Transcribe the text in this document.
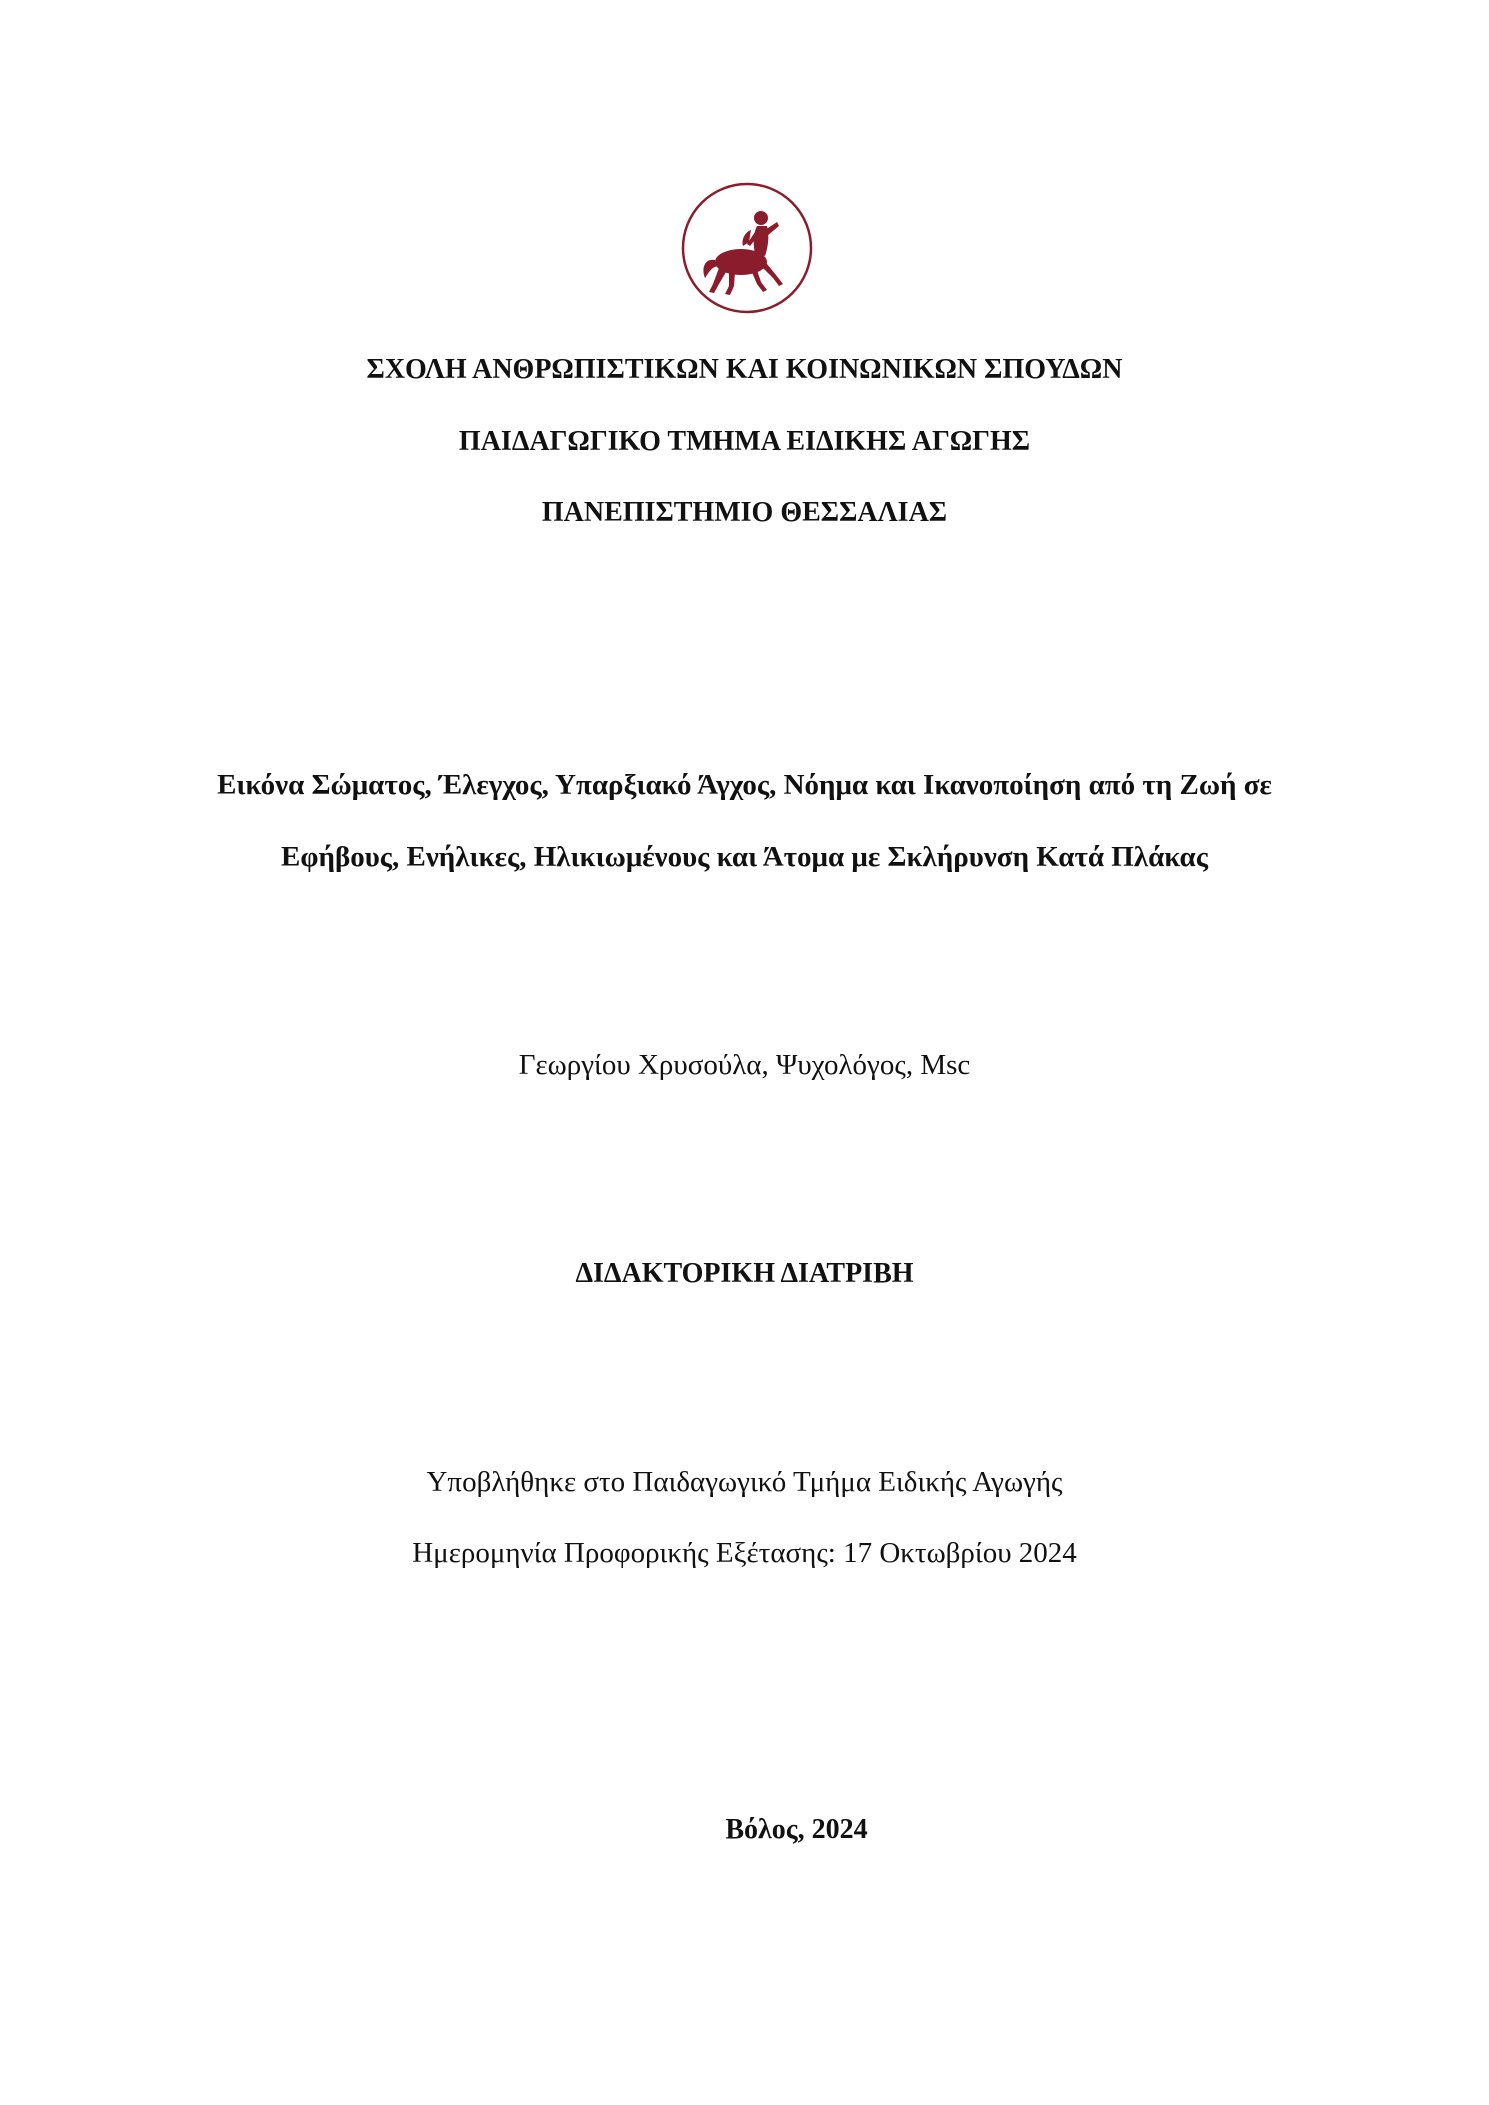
ΣΧΟΛΗ ΑΝΘΡΩΠΙΣΤΙΚΩΝ ΚΑΙ ΚΟΙΝΩΝΙΚΩΝ ΣΠΟΥΔΩΝ
ΠΑΙΔΑΓΩΓΙΚΟ ΤΜΗΜΑ ΕΙΔΙΚΗΣ ΑΓΩΓΗΣ
ΠΑΝΕΠΙΣΤΗΜΙΟ ΘΕΣΣΑΛΙΑΣ
Εικόνα Σώματος, Έλεγχος, Υπαρξιακό Άγχος, Νόημα και Ικανοποίηση από τη Ζωή σε
Εφήβους, Ενήλικες, Ηλικιωμένους και Άτομα με Σκλήρυνση Κατά Πλάκας
Γεωργίου Χρυσούλα, Ψυχολόγος, Msc
ΔΙΔΑΚΤΟΡΙΚΗ ΔΙΑΤΡΙΒΗ
Υποβλήθηκε στο Παιδαγωγικό Τμήμα Ειδικής Αγωγής
Ημερομηνία Προφορικής Εξέτασης: 17 Οκτωβρίου 2024
Βόλος, 2024
